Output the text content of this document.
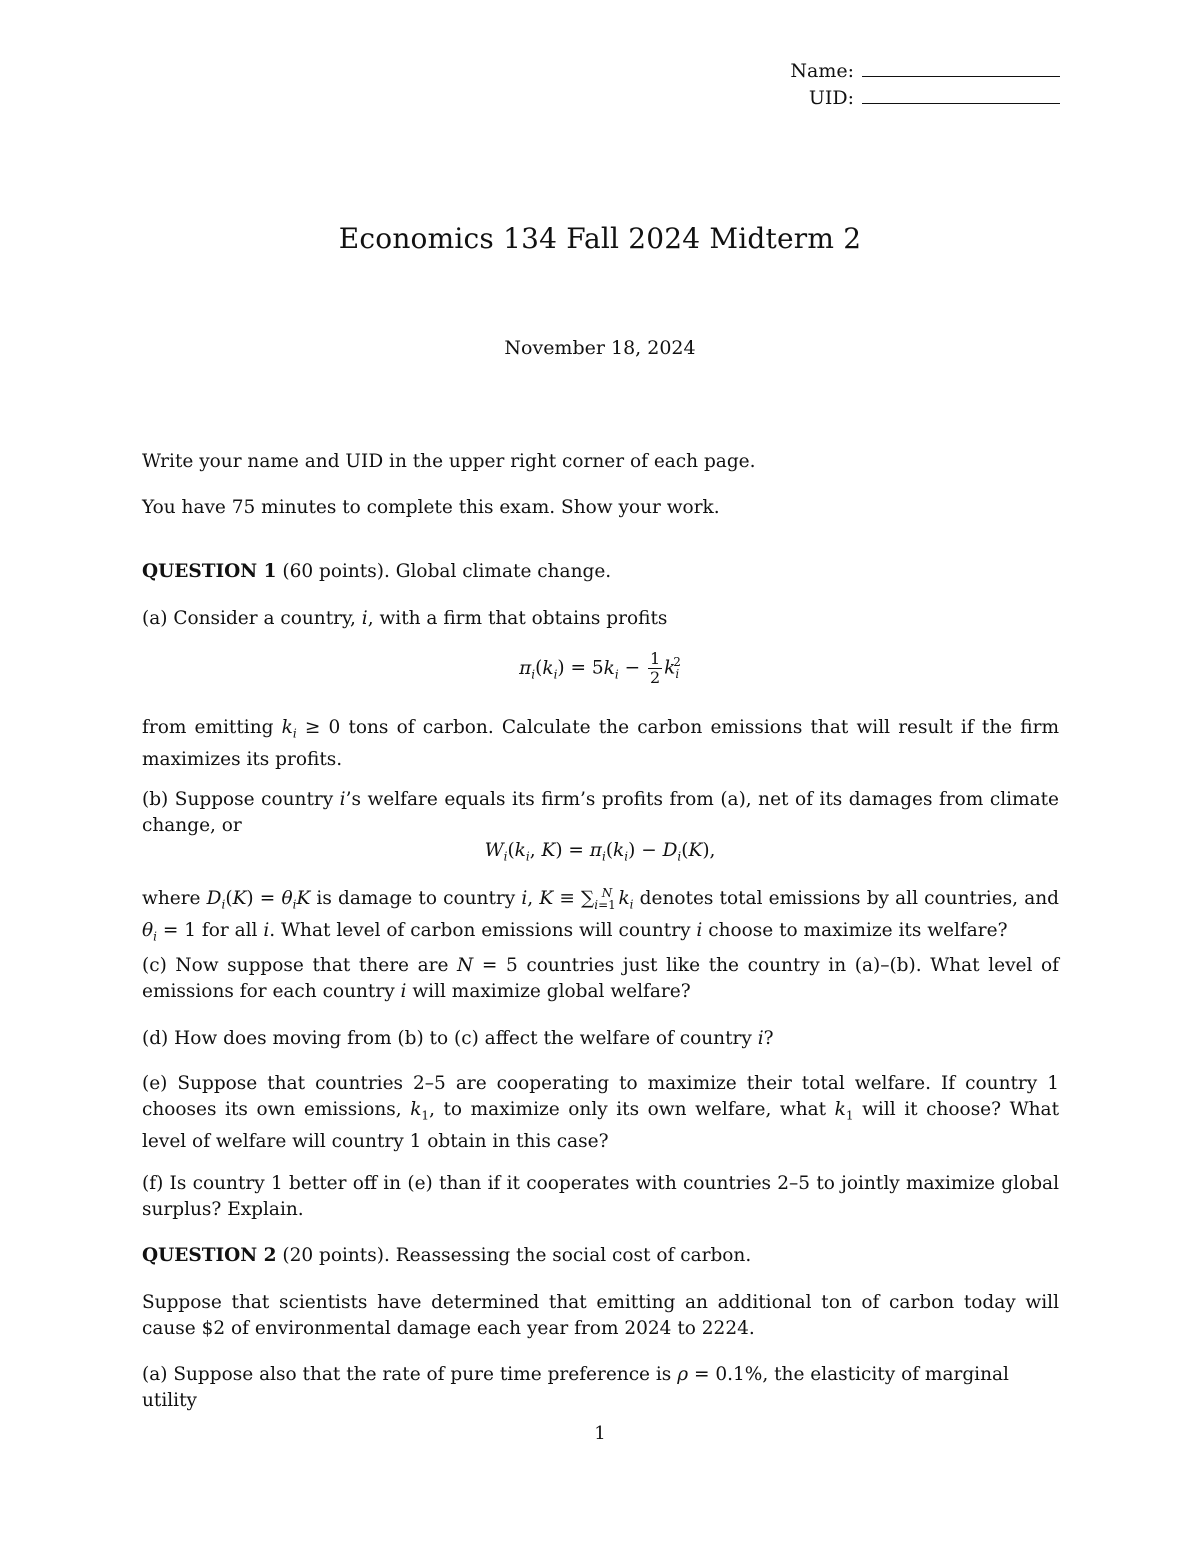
Name:
UID:
Economics 134 Fall 2024 Midterm 2
November 18, 2024

Write your name and UID in the upper right corner of each page.

You have 75 minutes to complete this exam. Show your work.

QUESTION 1 (60 points). Global climate change.

(a) Consider a country, i, with a firm that obtains profits

$\pi_i(k_i) = 5k_i - \frac{1}{2} k_i^2$

from emitting $k_i \ge 0$ tons of carbon. Calculate the carbon emissions that will result if the firm maximizes its profits.

(b) Suppose country i’s welfare equals its firm’s profits from (a), net of its damages from climate change, or

$W_i(k_i$, $K) = \pi_i(k_i) - D_i(K)$,

where $D_i(K) = \theta_iK$ is damage to country i, $K \equiv \sum_{i=1}^N$ $k_i$ denotes total emissions by all countries, and $\theta_i = 1$ for all i. What level of carbon emissions will country i choose to maximize its welfare?

(c) Now suppose that there are N = 5 countries just like the country in (a)–(b). What level of emissions for each country i will maximize global welfare?

(d) How does moving from (b) to (c) affect the welfare of country i?

(e) Suppose that countries 2–5 are cooperating to maximize their total welfare. If country 1 chooses its own emissions, $k_1$, to maximize only its own welfare, what $k_1$ will it choose? What level of welfare will country 1 obtain in this case?

(f) Is country 1 better off in (e) than if it cooperates with countries 2–5 to jointly maximize global surplus? Explain.

QUESTION 2 (20 points). Reassessing the social cost of carbon.

Suppose that scientists have determined that emitting an additional ton of carbon today will cause $2 of environmental damage each year from 2024 to 2224.

(a) Suppose also that the rate of pure time preference is ρ = 0.1%, the elasticity of marginal utility

1
